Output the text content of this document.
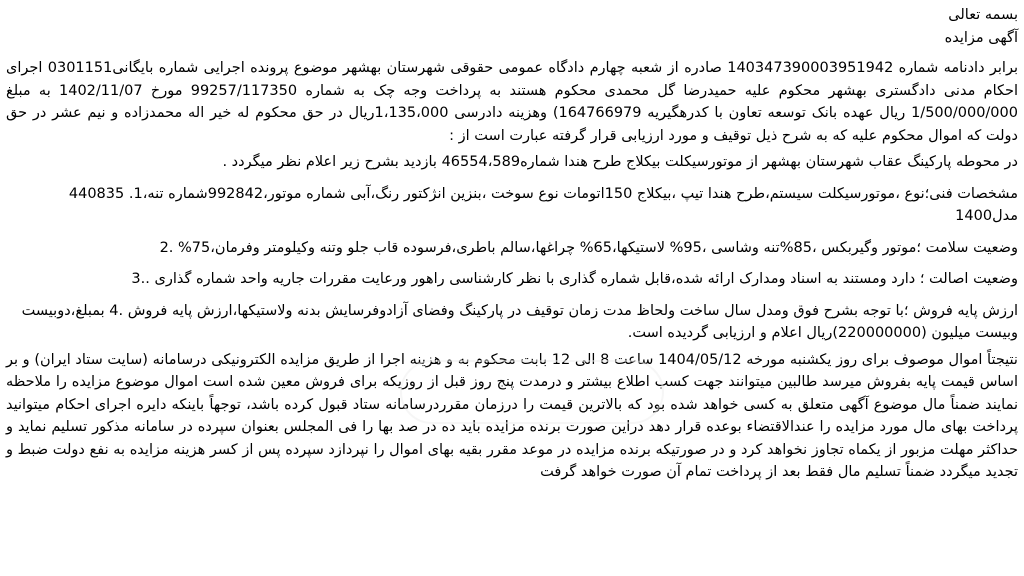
بسمه تعالی

آگهی مزایده

برابر دادنامه شماره 140347390003951942 صادره از شعبه چهارم دادگاه عمومی حقوقی شهرستان بهشهر موضوع پرونده اجرایی شماره بایگانی0301151 اجرای احکام مدنی دادگستری بهشهر محکوم علیه حمیدرضا گل محمدی محکوم هستند به پرداخت وجه چک به شماره 99257/117350 مورخ 1402/11/07 به مبلغ 1/500/000/000 ریال عهده بانک توسعه تعاون با کدرهگیریه 164766979) وهزینه دادرسی 1،135،000ریال در حق محکوم له خیر اله محمدزاده و نیم عشر در حق دولت که اموال محکوم علیه که به شرح ذیل توقیف و مورد ارزیابی قرار گرفته عبارت است از :

در محوطه پارکینگ عقاب شهرستان بهشهر از موتورسیکلت بیکلاج طرح هندا شماره46554،589 بازدید بشرح زیر اعلام نظر میگردد .

مشخصات فنی؛نوع ،موتورسیکلت سیستم،طرح هندا تیپ ،بیکلاج 150اتومات نوع سوخت ،بنزین انژکتور رنگ،آبی شماره موتور،992842شماره تنه،1. 440835 مدل1400

وضعیت سلامت ؛موتور وگیربکس ،85%تنه وشاسی ،95% لاستیکها،65% چراغها،سالم باطری،فرسوده قاب جلو وتنه وکیلومتر وفرمان،75% .2

وضعیت اصالت ؛ دارد ومستند به اسناد ومدارک ارائه شده،قابل شماره گذاری با نظر کارشناسی راهور ورعایت مقررات جاریه واحد شماره گذاری ..3

ارزش پایه فروش ؛با توجه بشرح فوق ومدل سال ساخت ولحاظ مدت زمان توقیف در پارکینگ وفضای آزادوفرسایش بدنه ولاستیکها،ارزش پایه فروش .4 بمبلغ،دوبیست وبیست میلیون (220000000)ریال اعلام و ارزیابی گردیده است.

نتیجتاً اموال موصوف برای روز یکشنبه مورخه 1404/05/12 ساعت 8 الی 12 بابت محکوم به و هزینه اجرا از طریق مزایده الکترونیکی درسامانه (سایت ستاد ایران) و بر اساس قیمت پایه بفروش میرسد طالبین میتوانند جهت کسب اطلاع بیشتر و درمدت پنج روز قبل از روزیکه برای فروش معین شده است اموال موضوع مزایده را ملاحظه نمایند ضمناً مال موضوع آگهی متعلق به کسی خواهد شده بود که بالاترین قیمت را درزمان مقرردرسامانه ستاد قبول کرده باشد، توجهاً باینکه دایره اجرای احکام میتوانید پرداخت بهای مال مورد مزایده را عندالاقتضاء بوعده قرار دهد دراین صورت برنده مزایده باید ده در صد بها را فی المجلس بعنوان سپرده در سامانه مذکور تسلیم نماید و حداکثر مهلت مزبور از یکماه تجاوز نخواهد کرد و در صورتیکه برنده مزایده در موعد مقرر بقیه بهای اموال را نپردازد سپرده پس از کسر هزینه مزایده به نفع دولت ضبط و تجدید میگردد ضمناً تسلیم مال فقط بعد از پرداخت تمام آن صورت خواهد گرفت
